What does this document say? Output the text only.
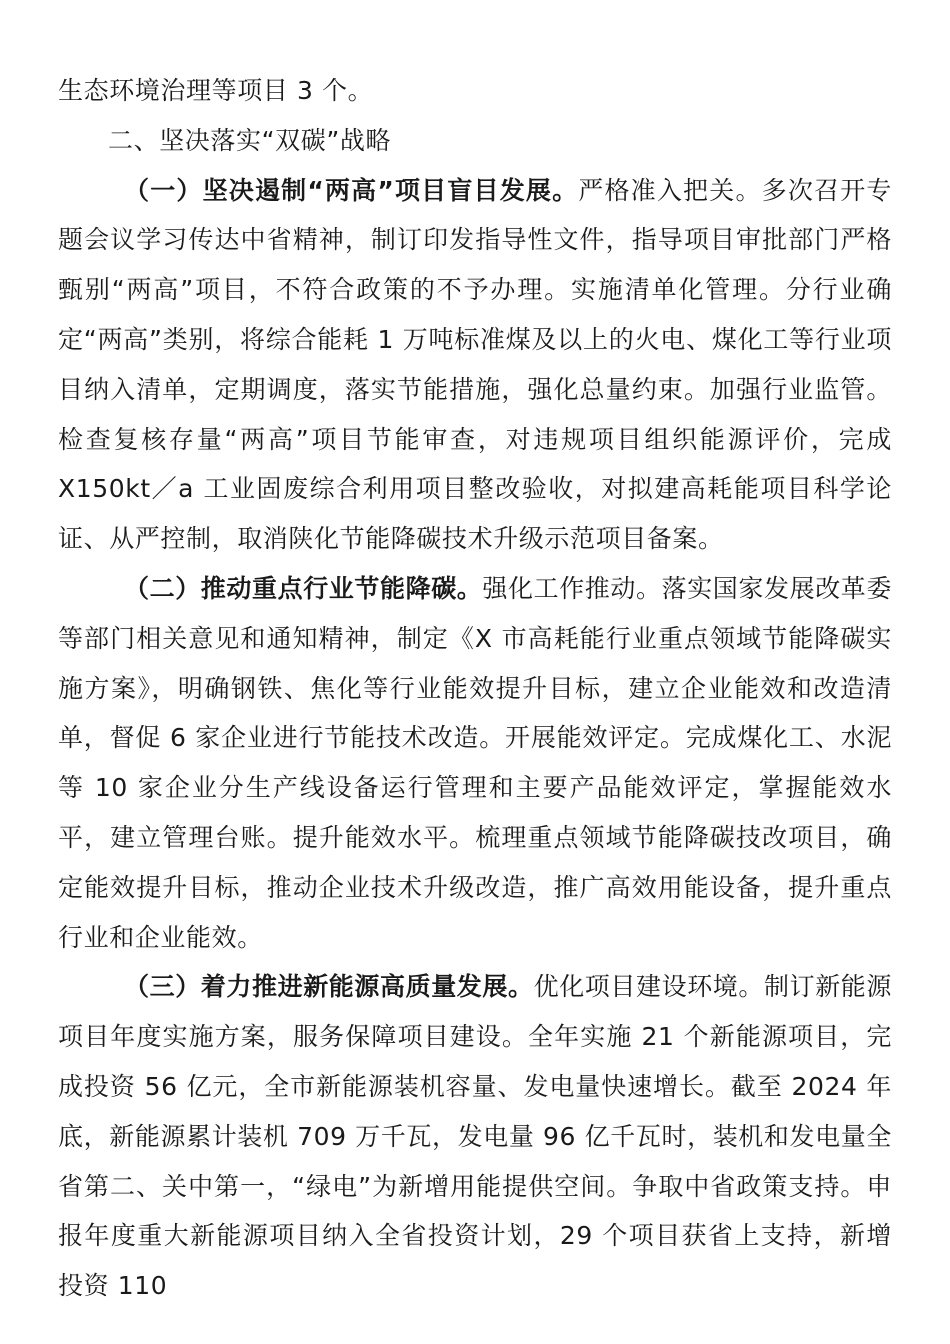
生态环境治理等项目 3 个。

二、坚决落实“双碳”战略

（一）坚决遏制“两高”项目盲目发展。严格准入把关。多次召开专题会议学习传达中省精神，制订印发指导性文件，指导项目审批部门严格甄别“两高”项目，不符合政策的不予办理。实施清单化管理。分行业确定“两高”类别，将综合能耗 1 万吨标准煤及以上的火电、煤化工等行业项目纳入清单，定期调度，落实节能措施，强化总量约束。加强行业监管。检查复核存量“两高”项目节能审查，对违规项目组织能源评价，完成 X150kt／a 工业固废综合利用项目整改验收，对拟建高耗能项目科学论证、从严控制，取消陕化节能降碳技术升级示范项目备案。

（二）推动重点行业节能降碳。强化工作推动。落实国家发展改革委等部门相关意见和通知精神，制定《X 市高耗能行业重点领域节能降碳实施方案》，明确钢铁、焦化等行业能效提升目标，建立企业能效和改造清单，督促 6 家企业进行节能技术改造。开展能效评定。完成煤化工、水泥等 10 家企业分生产线设备运行管理和主要产品能效评定，掌握能效水平，建立管理台账。提升能效水平。梳理重点领域节能降碳技改项目，确定能效提升目标，推动企业技术升级改造，推广高效用能设备，提升重点行业和企业能效。

（三）着力推进新能源高质量发展。优化项目建设环境。制订新能源项目年度实施方案，服务保障项目建设。全年实施 21 个新能源项目，完成投资 56 亿元，全市新能源装机容量、发电量快速增长。截至 2024 年底，新能源累计装机 709 万千瓦，发电量 96 亿千瓦时，装机和发电量全省第二、关中第一，“绿电”为新增用能提供空间。争取中省政策支持。申报年度重大新能源项目纳入全省投资计划，29 个项目获省上支持，新增投资 110
